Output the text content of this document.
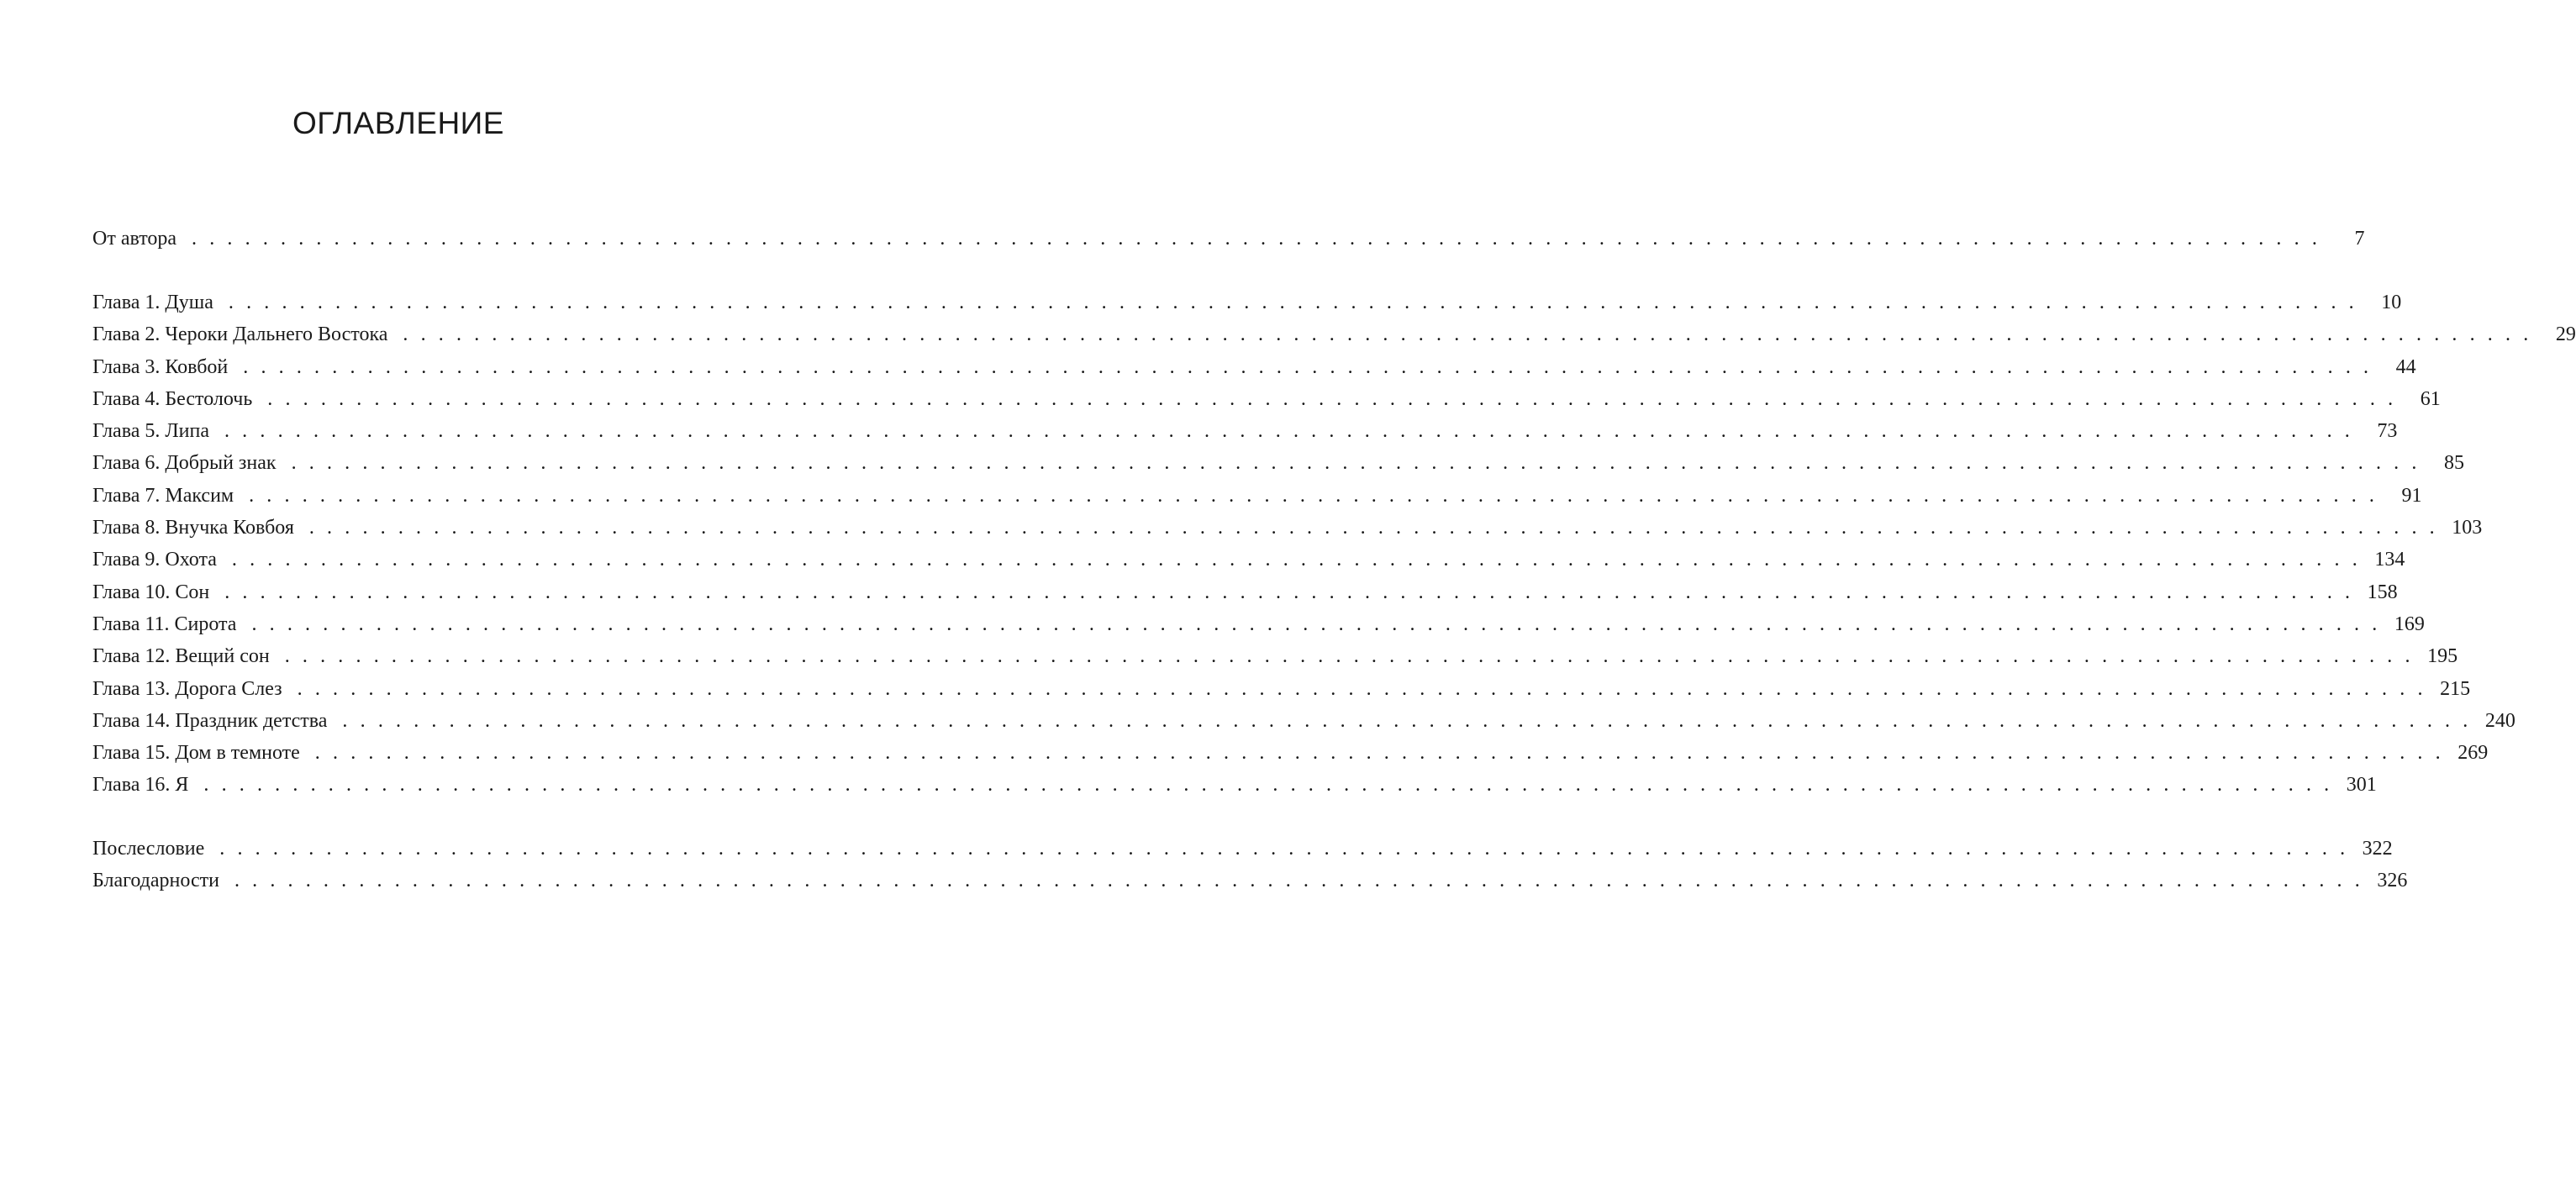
ОГЛАВЛЕНИЕ
От автора . . . . . . . . . . . . . . . . . . . . . . . . . . . . . . . . . . . . . . . . . . . . . . . . . . . . . . . . . . . . . . . . . . . . . . . . . . . . . . . . . . . . . . . . . . . . . . . . . . . . . . . . . . . . . . . . . . . . . . . .	7
Глава 1. Душа . . . . . . . . . . . . . . . . . . . . . . . . . . . . . . . . . . . . . . . . . . . . . . . . . . . . . . . . . . . . . . . . . . . . . . . . . . . . . . . . . . . . . . . . . . . . . . . . . . . . . . . . . . . . . . . . . . . . . . . .	10
Глава 2. Чероки Дальнего Востока . . . . . . . . . . . . . . . . . . . . . . . . . . . . . . . . . . . . . . . . . . . . . . . . . . . . . . . . . . . . . . . . . . . . . . . . . . . . . . . . . . . . . . . . . . . . . . . . . . . . . . . . . . . . . . . . . . . . . . . .	29
Глава 3. Ковбой . . . . . . . . . . . . . . . . . . . . . . . . . . . . . . . . . . . . . . . . . . . . . . . . . . . . . . . . . . . . . . . . . . . . . . . . . . . . . . . . . . . . . . . . . . . . . . . . . . . . . . . . . . . . . . . . . . . . . . . .	44
Глава 4. Бестолочь . . . . . . . . . . . . . . . . . . . . . . . . . . . . . . . . . . . . . . . . . . . . . . . . . . . . . . . . . . . . . . . . . . . . . . . . . . . . . . . . . . . . . . . . . . . . . . . . . . . . . . . . . . . . . . . . . . . . . . . .	61
Глава 5. Липа . . . . . . . . . . . . . . . . . . . . . . . . . . . . . . . . . . . . . . . . . . . . . . . . . . . . . . . . . . . . . . . . . . . . . . . . . . . . . . . . . . . . . . . . . . . . . . . . . . . . . . . . . . . . . . . . . . . . . . . .	73
Глава 6. Добрый знак . . . . . . . . . . . . . . . . . . . . . . . . . . . . . . . . . . . . . . . . . . . . . . . . . . . . . . . . . . . . . . . . . . . . . . . . . . . . . . . . . . . . . . . . . . . . . . . . . . . . . . . . . . . . . . . . . . . . . . . .	85
Глава 7. Максим . . . . . . . . . . . . . . . . . . . . . . . . . . . . . . . . . . . . . . . . . . . . . . . . . . . . . . . . . . . . . . . . . . . . . . . . . . . . . . . . . . . . . . . . . . . . . . . . . . . . . . . . . . . . . . . . . . . . . . . .	91
Глава 8. Внучка Ковбоя . . . . . . . . . . . . . . . . . . . . . . . . . . . . . . . . . . . . . . . . . . . . . . . . . . . . . . . . . . . . . . . . . . . . . . . . . . . . . . . . . . . . . . . . . . . . . . . . . . . . . . . . . . . . . . . . . . . . . . . . 103
Глава 9. Охота . . . . . . . . . . . . . . . . . . . . . . . . . . . . . . . . . . . . . . . . . . . . . . . . . . . . . . . . . . . . . . . . . . . . . . . . . . . . . . . . . . . . . . . . . . . . . . . . . . . . . . . . . . . . . . . . . . . . . . . . 134
Глава 10. Сон . . . . . . . . . . . . . . . . . . . . . . . . . . . . . . . . . . . . . . . . . . . . . . . . . . . . . . . . . . . . . . . . . . . . . . . . . . . . . . . . . . . . . . . . . . . . . . . . . . . . . . . . . . . . . . . . . . . . . . . . 158
Глава 11. Сирота . . . . . . . . . . . . . . . . . . . . . . . . . . . . . . . . . . . . . . . . . . . . . . . . . . . . . . . . . . . . . . . . . . . . . . . . . . . . . . . . . . . . . . . . . . . . . . . . . . . . . . . . . . . . . . . . . . . . . . . . 169
Глава 12. Вещий сон . . . . . . . . . . . . . . . . . . . . . . . . . . . . . . . . . . . . . . . . . . . . . . . . . . . . . . . . . . . . . . . . . . . . . . . . . . . . . . . . . . . . . . . . . . . . . . . . . . . . . . . . . . . . . . . . . . . . . . . . 195
Глава 13. Дорога Слез . . . . . . . . . . . . . . . . . . . . . . . . . . . . . . . . . . . . . . . . . . . . . . . . . . . . . . . . . . . . . . . . . . . . . . . . . . . . . . . . . . . . . . . . . . . . . . . . . . . . . . . . . . . . . . . . . . . . . . . . 215
Глава 14. Праздник детства . . . . . . . . . . . . . . . . . . . . . . . . . . . . . . . . . . . . . . . . . . . . . . . . . . . . . . . . . . . . . . . . . . . . . . . . . . . . . . . . . . . . . . . . . . . . . . . . . . . . . . . . . . . . . . . . . . . . . . . . 240
Глава 15. Дом в темноте . . . . . . . . . . . . . . . . . . . . . . . . . . . . . . . . . . . . . . . . . . . . . . . . . . . . . . . . . . . . . . . . . . . . . . . . . . . . . . . . . . . . . . . . . . . . . . . . . . . . . . . . . . . . . . . . . . . . . . . . 269
Глава 16. Я . . . . . . . . . . . . . . . . . . . . . . . . . . . . . . . . . . . . . . . . . . . . . . . . . . . . . . . . . . . . . . . . . . . . . . . . . . . . . . . . . . . . . . . . . . . . . . . . . . . . . . . . . . . . . . . . . . . . . . . . 301
Послесловие . . . . . . . . . . . . . . . . . . . . . . . . . . . . . . . . . . . . . . . . . . . . . . . . . . . . . . . . . . . . . . . . . . . . . . . . . . . . . . . . . . . . . . . . . . . . . . . . . . . . . . . . . . . . . . . . . . . . . . . . 322
Благодарности . . . . . . . . . . . . . . . . . . . . . . . . . . . . . . . . . . . . . . . . . . . . . . . . . . . . . . . . . . . . . . . . . . . . . . . . . . . . . . . . . . . . . . . . . . . . . . . . . . . . . . . . . . . . . . . . . . . . . . . . 326
